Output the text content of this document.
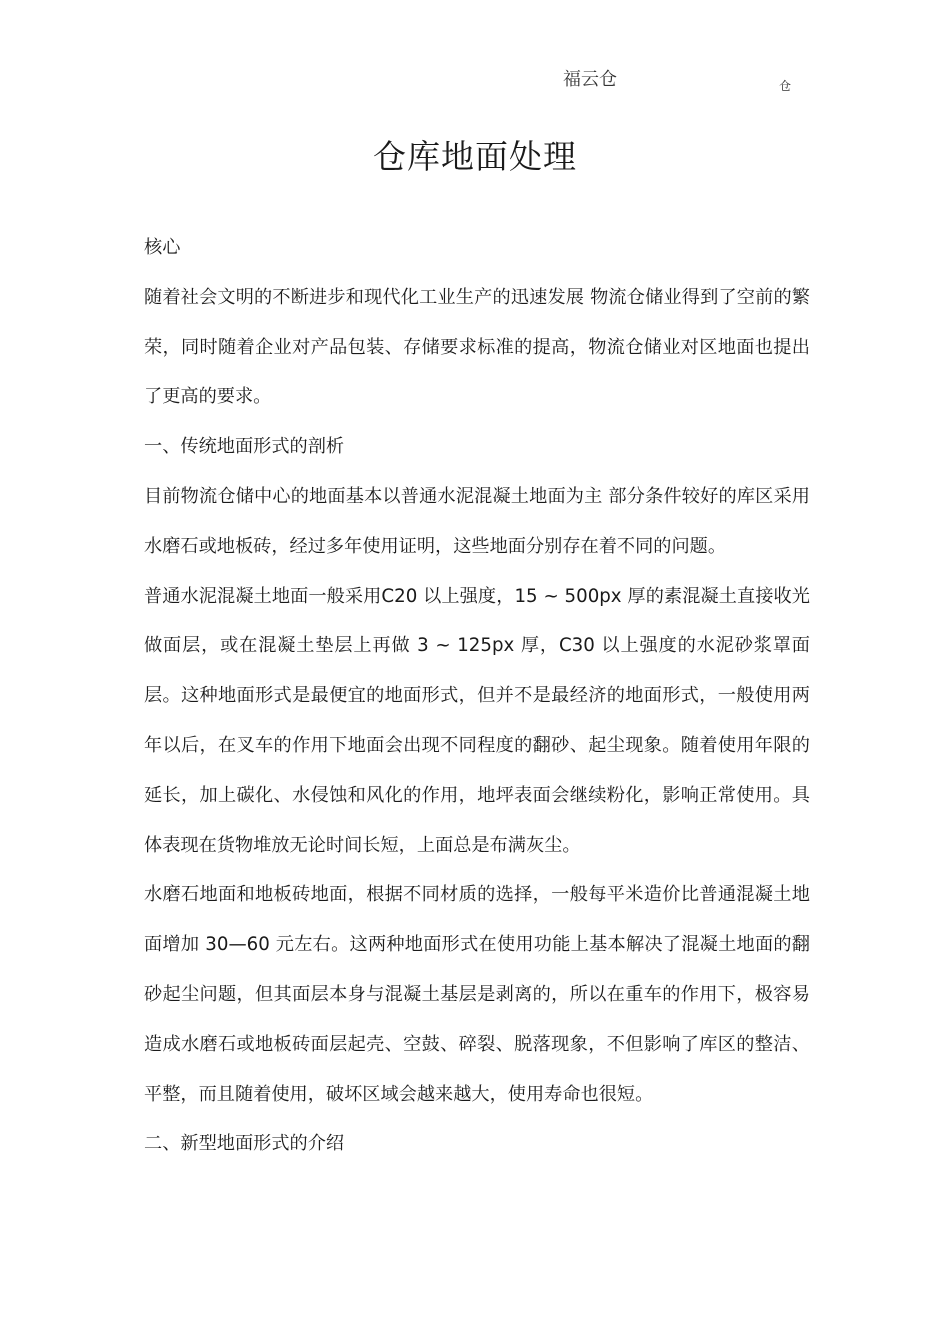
福云仓	仓
仓库地面处理

核心

随着社会文明的不断进步和现代化工业生产的迅速发展 物流仓储业得到了空前的繁荣，同时随着企业对产品包装、存储要求标准的提高，物流仓储业对区地面也提出了更高的要求。

一、传统地面形式的剖析

目前物流仓储中心的地面基本以普通水泥混凝土地面为主 部分条件较好的库区采用水磨石或地板砖，经过多年使用证明，这些地面分别存在着不同的问题。

普通水泥混凝土地面一般采用C20 以上强度，15 ~ 500px 厚的素混凝土直接收光做面层，或在混凝土垫层上再做 3 ~ 125px 厚，C30 以上强度的水泥砂浆罩面层。这种地面形式是最便宜的地面形式，但并不是最经济的地面形式，一般使用两年以后，在叉车的作用下地面会出现不同程度的翻砂、起尘现象。随着使用年限的延长，加上碳化、水侵蚀和风化的作用，地坪表面会继续粉化，影响正常使用。具体表现在货物堆放无论时间长短，上面总是布满灰尘。

水磨石地面和地板砖地面，根据不同材质的选择，一般每平米造价比普通混凝土地面增加 30—60 元左右。这两种地面形式在使用功能上基本解决了混凝土地面的翻砂起尘问题，但其面层本身与混凝土基层是剥离的，所以在重车的作用下，极容易造成水磨石或地板砖面层起壳、空鼓、碎裂、脱落现象，不但影响了库区的整洁、平整，而且随着使用，破坏区域会越来越大，使用寿命也很短。

二、新型地面形式的介绍
